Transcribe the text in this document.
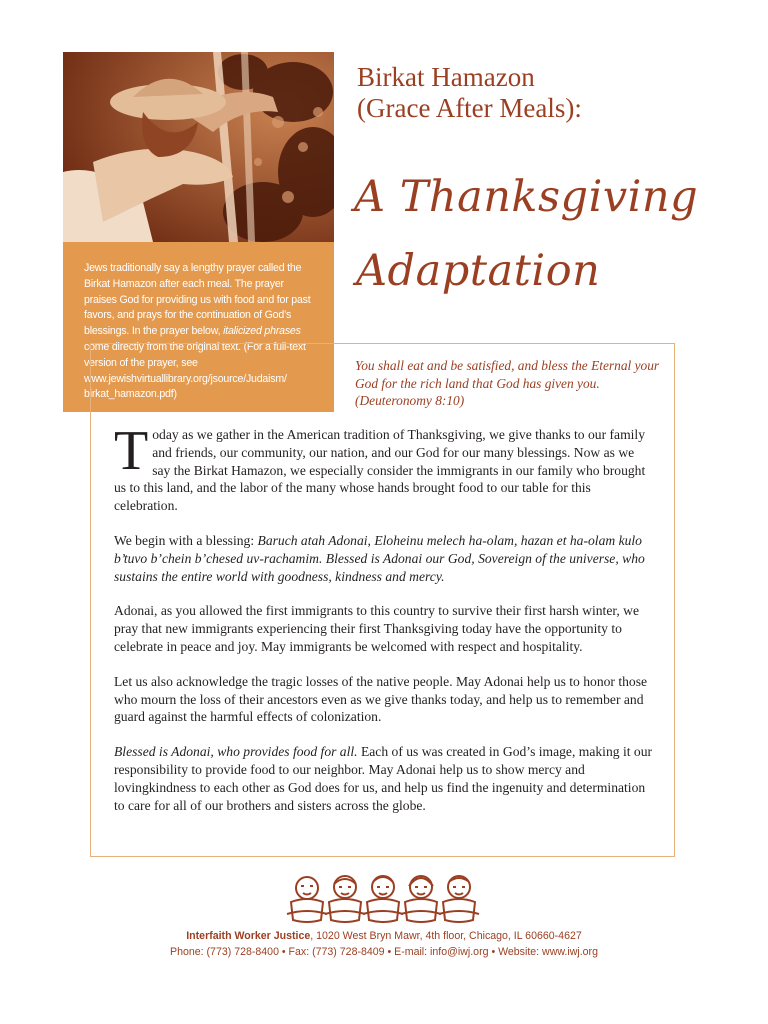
Jews traditionally say a lengthy prayer called the Birkat Hamazon after each meal. The prayer praises God for providing us with food and for past favors, and prays for the continuation of God’s blessings. In the prayer below, italicized phrases come directly from the original text. (For a full-text version of the prayer, see www.jewishvirtuallibrary.org/jsource/Judaism/ birkat_hamazon.pdf)
Birkat Hamazon
(Grace After Meals):
A Thanksgiving
Adaptation
You shall eat and be satisfied, and bless the Eternal your God for the rich land that God has given you. (Deuteronomy 8:10)

Today as we gather in the American tradition of Thanksgiving, we give thanks to our family and friends, our community, our nation, and our God for our many blessings. Now as we say the Birkat Hamazon, we especially consider the immigrants in our family who brought us to this land, and the labor of the many whose hands brought food to our table for this celebration.

We begin with a blessing: Baruch atah Adonai, Eloheinu melech ha-olam, hazan et ha-olam kulo b’tuvo b’chein b’chesed uv-rachamim. Blessed is Adonai our God, Sovereign of the universe, who sustains the entire world with goodness, kindness and mercy.

Adonai, as you allowed the first immigrants to this country to survive their first harsh winter, we pray that new immigrants experiencing their first Thanksgiving today have the opportunity to celebrate in peace and joy. May immigrants be welcomed with respect and hospitality.

Let us also acknowledge the tragic losses of the native people. May Adonai help us to honor those who mourn the loss of their ancestors even as we give thanks today, and help us to remember and guard against the harmful effects of colonization.

Blessed is Adonai, who provides food for all. Each of us was created in God’s image, making it our responsibility to provide food to our neighbor. May Adonai help us to show mercy and lovingkindness to each other as God does for us, and help us find the ingenuity and determination to care for all of our brothers and sisters across the globe.

Interfaith Worker Justice, 1020 West Bryn Mawr, 4th floor, Chicago, IL 60660-4627
Phone: (773) 728-8400 • Fax: (773) 728-8409 • E-mail: info@iwj.org • Website: www.iwj.org
